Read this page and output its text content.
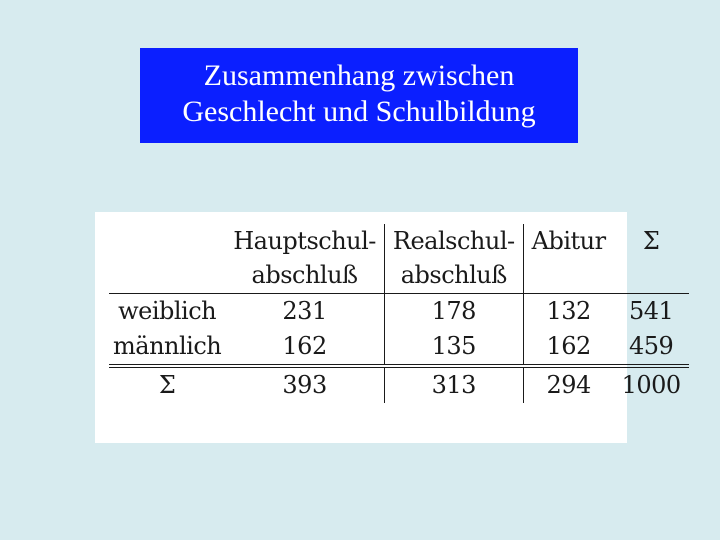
Zusammenhang zwischen
Geschlecht und Schulbildung
	Hauptschul-	Realschul-	Abitur	Σ
	abschluß	abschluß		
weiblich	231	178	132	541
männlich	162	135	162	459
Σ	393	313	294	1000
